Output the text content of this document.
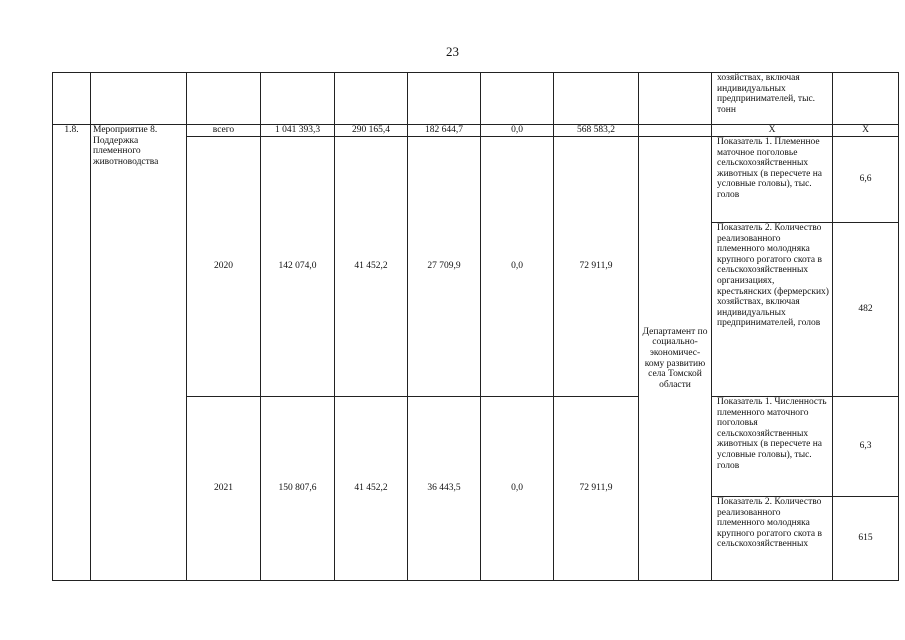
23
									хозяйствах, включая индивидуальных предпринимателей, тыс. тонн	
1.8.	Мероприятие 8. Поддержка племенного животноводства	всего	1 041 393,3	290 165,4	182 644,7	0,0	568 583,2		Х	Х
		2020	142 074,0	41 452,2	27 709,9	0,0	72 911,9	Департамент по социально-экономичес-кому развитию села Томской области	Показатель 1. Племенное маточное поголовье сельскохозяйственных животных (в пересчете на условные головы), тыс. голов	6,6
									Показатель 2. Количество реализованного племенного молодняка крупного рогатого скота в сельскохозяйственных организациях, крестьянских (фермерских) хозяйствах, включая индивидуальных предпринимателей, голов	482
		2021	150 807,6	41 452,2	36 443,5	0,0	72 911,9		Показатель 1. Численность племенного маточного поголовья сельскохозяйственных животных (в пересчете на условные головы), тыс. голов	6,3

									Показатель 2. Количество реализованного племенного молодняка крупного рогатого скота в сельскохозяйственных	615
